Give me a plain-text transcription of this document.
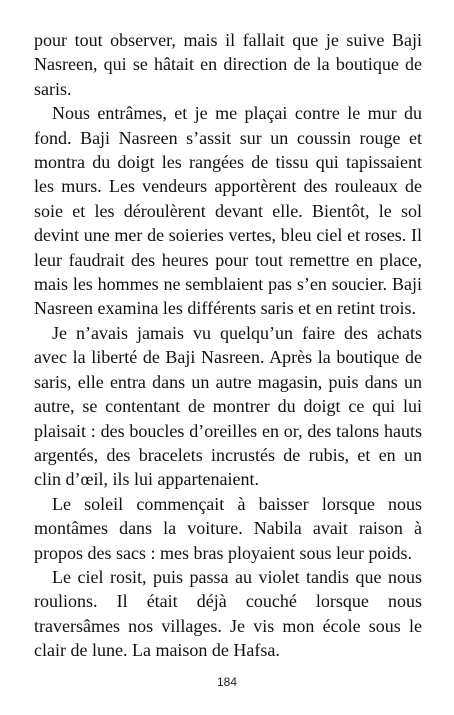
pour tout observer, mais il fallait que je suive Baji Nasreen, qui se hâtait en direction de la boutique de saris.

Nous entrâmes, et je me plaçai contre le mur du fond. Baji Nasreen s’assit sur un coussin rouge et montra du doigt les rangées de tissu qui tapissaient les murs. Les vendeurs apportèrent des rouleaux de soie et les déroulèrent devant elle. Bientôt, le sol devint une mer de soieries vertes, bleu ciel et roses. Il leur faudrait des heures pour tout remettre en place, mais les hommes ne semblaient pas s’en soucier. Baji Nasreen examina les différents saris et en retint trois.

Je n’avais jamais vu quelqu’un faire des achats avec la liberté de Baji Nasreen. Après la boutique de saris, elle entra dans un autre magasin, puis dans un autre, se contentant de montrer du doigt ce qui lui plaisait : des boucles d’oreilles en or, des talons hauts argentés, des bracelets incrustés de rubis, et en un clin d’œil, ils lui appartenaient.

Le soleil commençait à baisser lorsque nous montâmes dans la voiture. Nabila avait raison à propos des sacs : mes bras ployaient sous leur poids.

Le ciel rosit, puis passa au violet tandis que nous roulions. Il était déjà couché lorsque nous traversâmes nos villages. Je vis mon école sous le clair de lune. La maison de Hafsa.

184
